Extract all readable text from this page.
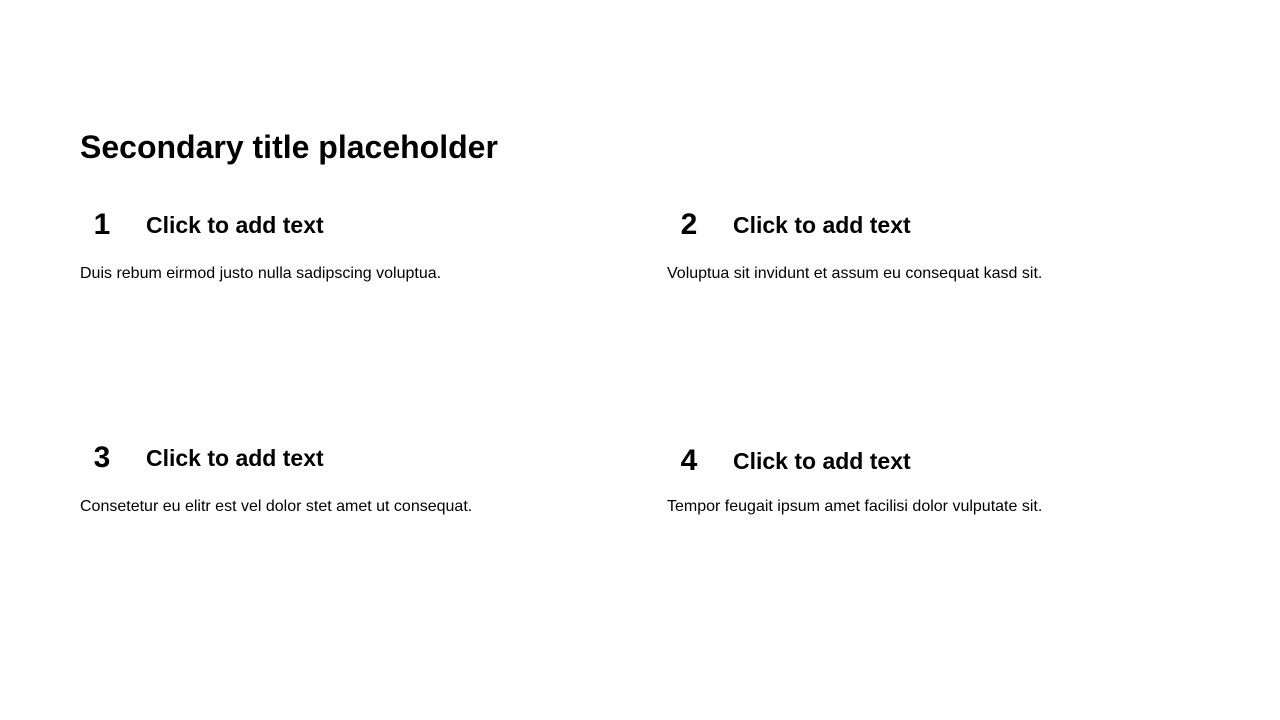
Secondary title placeholder
1	Click to add text
Duis rebum eirmod justo nulla sadipscing voluptua.
2	Click to add text
Voluptua sit invidunt et assum eu consequat kasd sit.
3	Click to add text
Consetetur eu elitr est vel dolor stet amet ut consequat.
4	Click to add text
Tempor feugait ipsum amet facilisi dolor vulputate sit.
